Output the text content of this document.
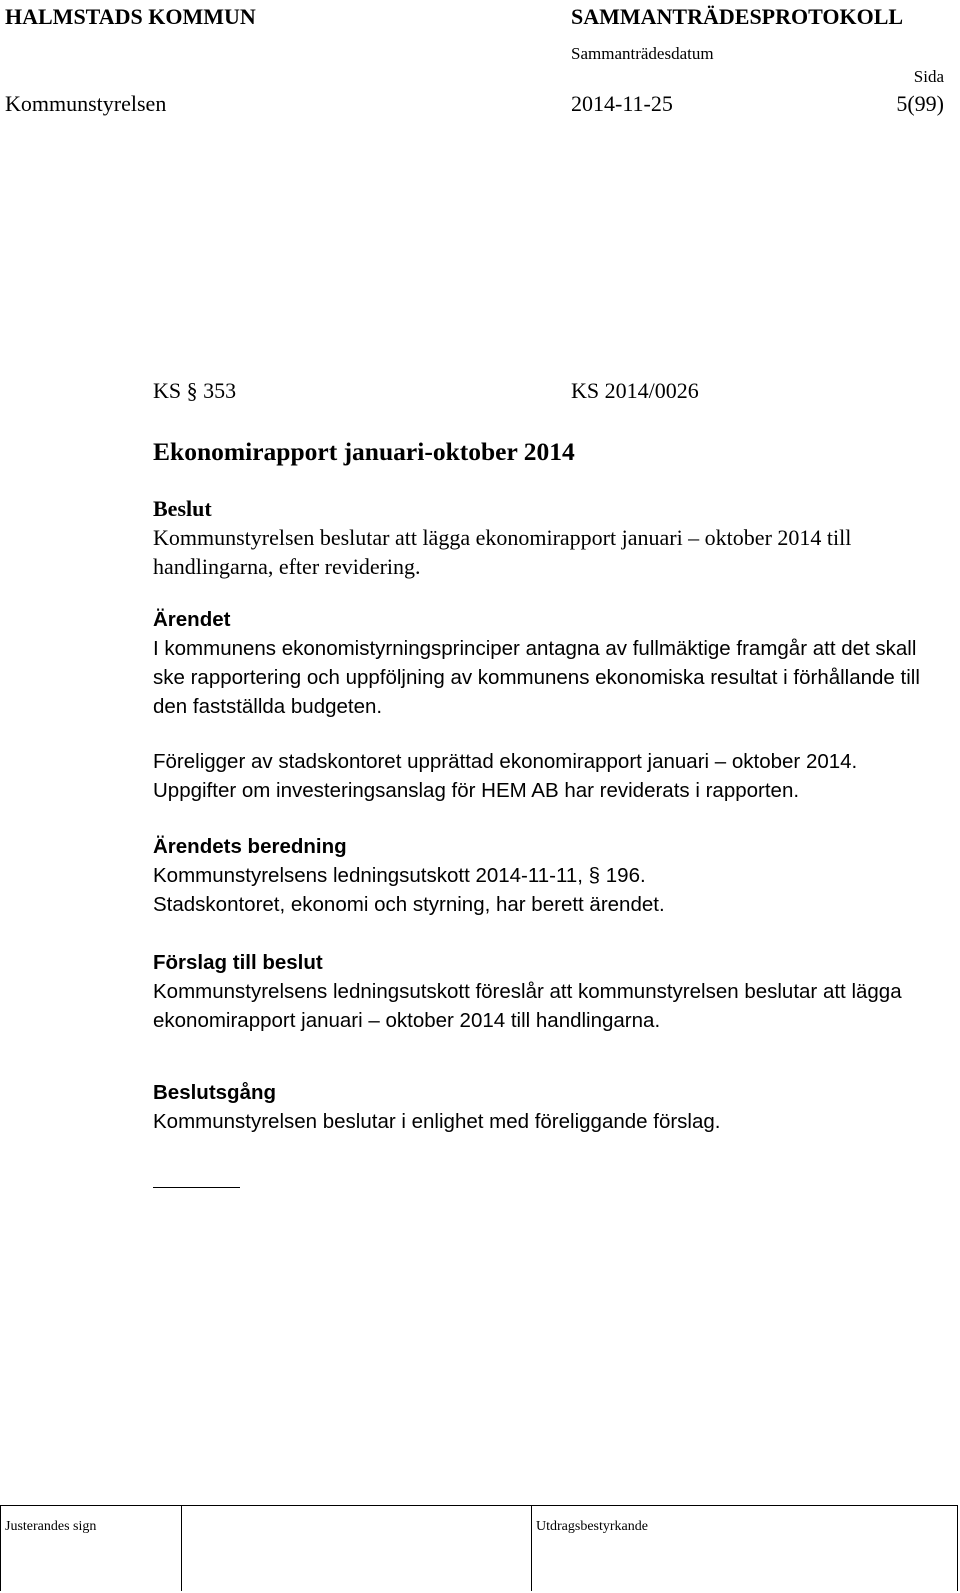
HALMSTADS KOMMUN	SAMMANTRÄDESPROTOKOLL
Sammanträdesdatum
Sida
Kommunstyrelsen	2014-11-25	5(99)
KS § 353	KS 2014/0026
Ekonomirapport januari-oktober 2014

Beslut

Kommunstyrelsen beslutar att lägga ekonomirapport januari – oktober 2014 till handlingarna, efter revidering.

Ärendet

I kommunens ekonomistyrningsprinciper antagna av fullmäktige framgår att det skall ske rapportering och uppföljning av kommunens ekonomiska resultat i förhållande till den fastställda budgeten.

Föreligger av stadskontoret upprättad ekonomirapport januari – oktober 2014.

Uppgifter om investeringsanslag för HEM AB har reviderats i rapporten.

Ärendets beredning

Kommunstyrelsens ledningsutskott 2014-11-11, § 196.

Stadskontoret, ekonomi och styrning, har berett ärendet.

Förslag till beslut

Kommunstyrelsens ledningsutskott föreslår att kommunstyrelsen beslutar att lägga ekonomirapport januari – oktober 2014 till handlingarna.

Beslutsgång

Kommunstyrelsen beslutar i enlighet med föreliggande förslag.

Justerandes sign	Utdragsbestyrkande
